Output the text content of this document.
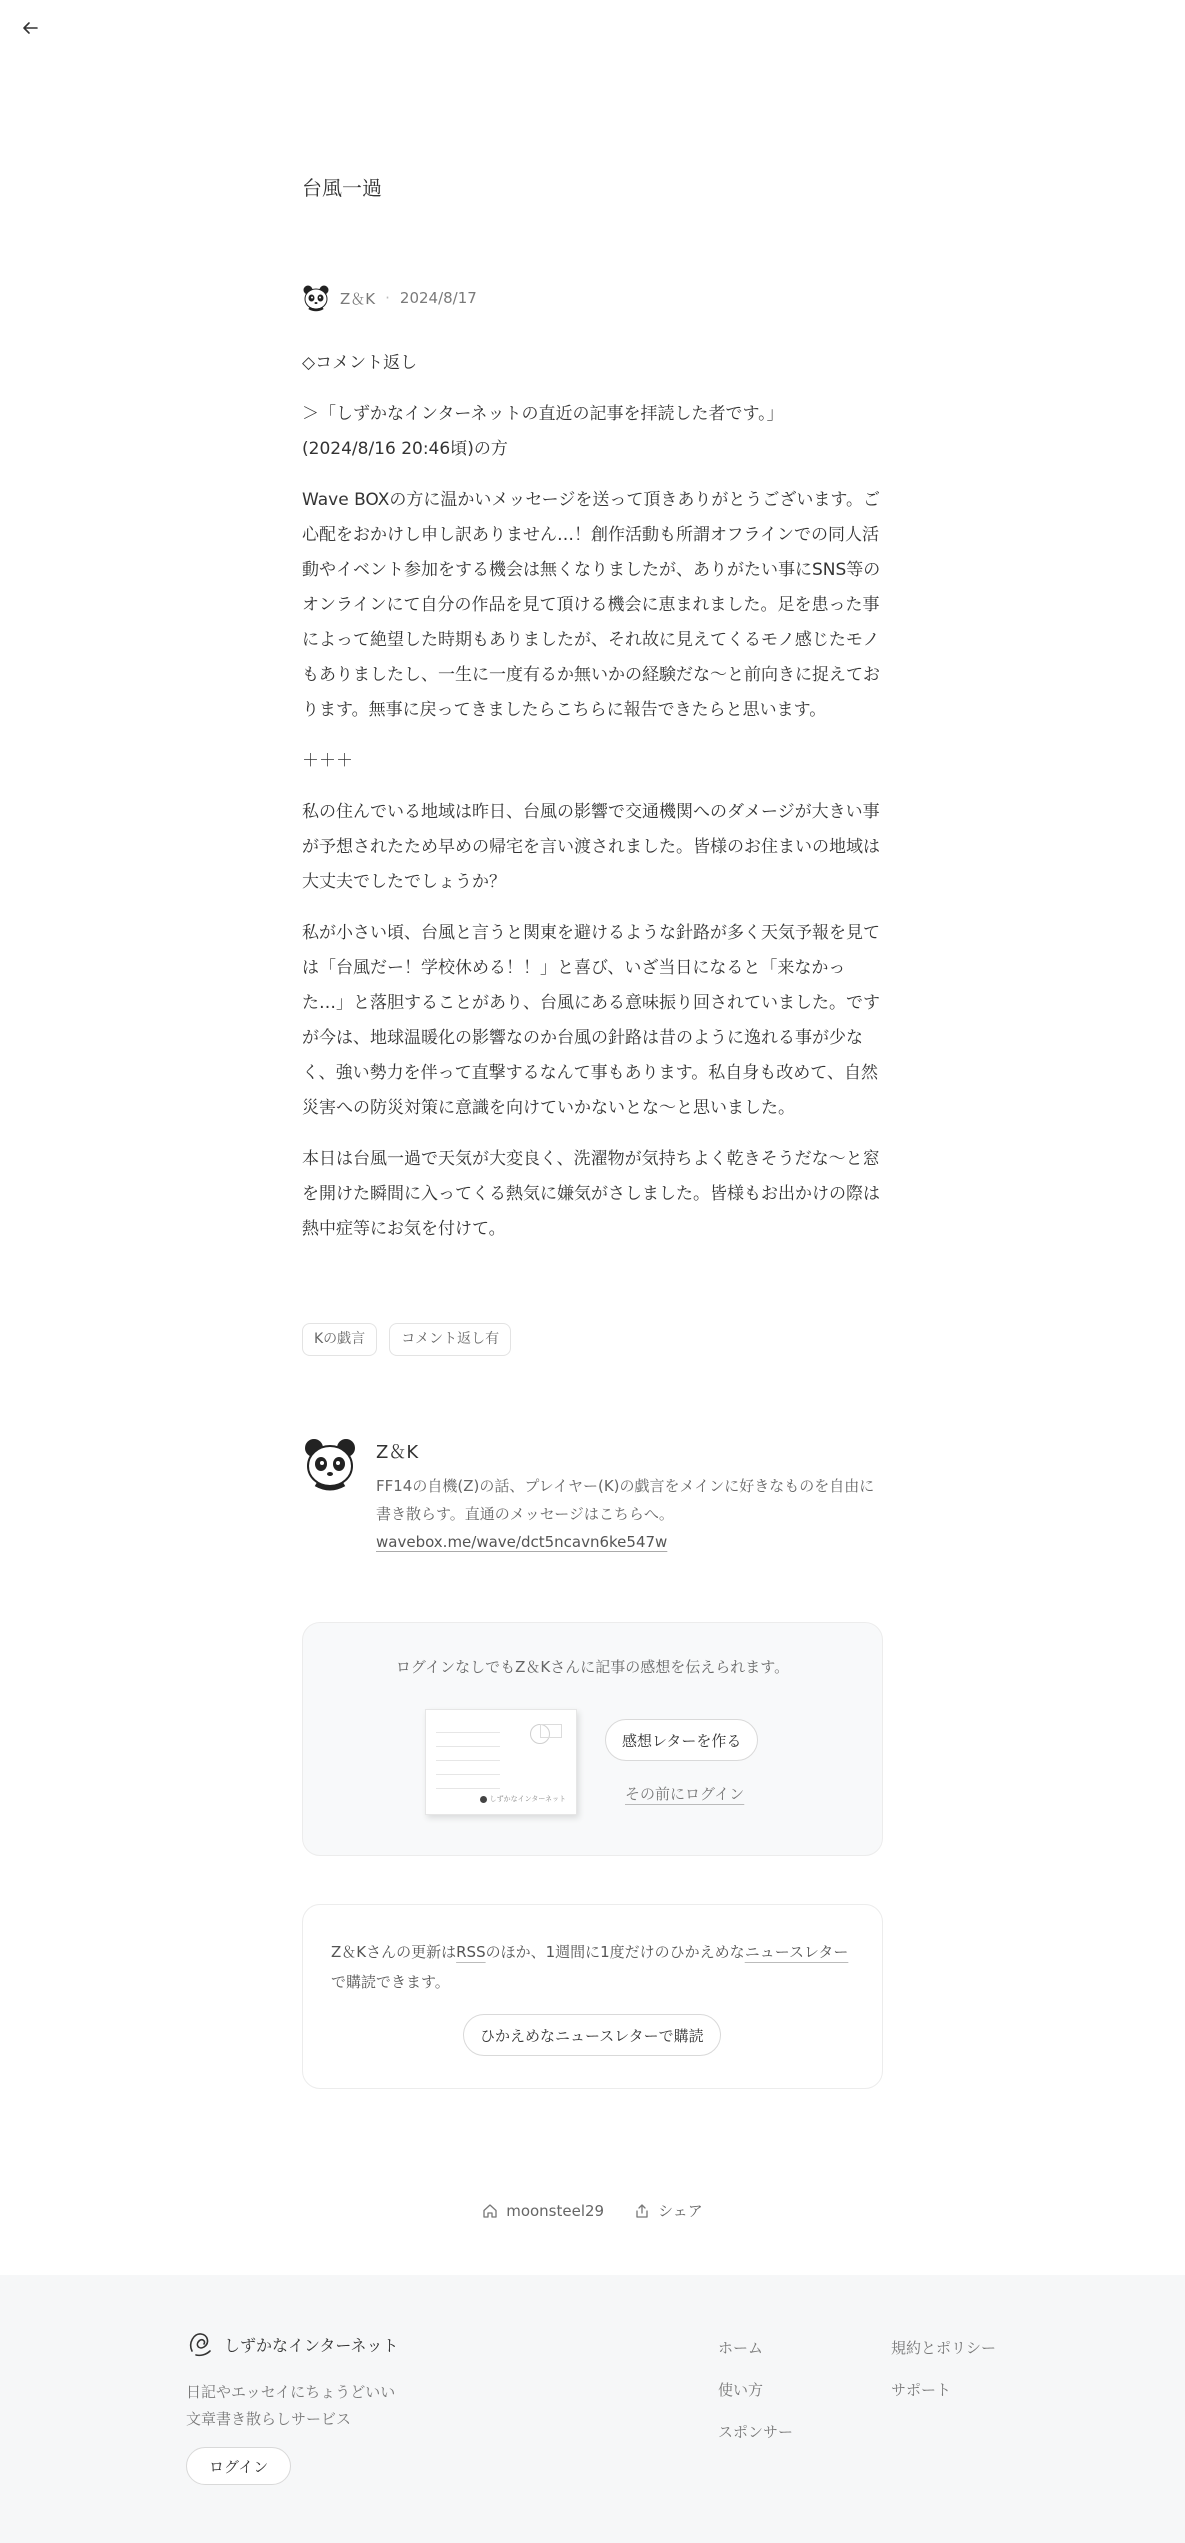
台風一過
Z＆K · 2024/8/17

◇コメント返し

＞「しずかなインターネットの直近の記事を拝読した者です。」
(2024/8/16 20:46頃)の方

Wave BOXの方に温かいメッセージを送って頂きありがとうございます。ご心配をおかけし申し訳ありません…！創作活動も所謂オフラインでの同人活動やイベント参加をする機会は無くなりましたが、ありがたい事にSNS等のオンラインにて自分の作品を見て頂ける機会に恵まれました。足を患った事によって絶望した時期もありましたが、それ故に見えてくるモノ感じたモノもありましたし、一生に一度有るか無いかの経験だな〜と前向きに捉えております。無事に戻ってきましたらこちらに報告できたらと思います。

＋＋＋

私の住んでいる地域は昨日、台風の影響で交通機関へのダメージが大きい事が予想されたため早めの帰宅を言い渡されました。皆様のお住まいの地域は大丈夫でしたでしょうか？

私が小さい頃、台風と言うと関東を避けるような針路が多く天気予報を見ては「台風だー！学校休める！！」と喜び、いざ当日になると「来なかった…」と落胆することがあり、台風にある意味振り回されていました。ですが今は、地球温暖化の影響なのか台風の針路は昔のように逸れる事が少なく、強い勢力を伴って直撃するなんて事もあります。私自身も改めて、自然災害への防災対策に意識を向けていかないとな〜と思いました。

本日は台風一過で天気が大変良く、洗濯物が気持ちよく乾きそうだな〜と窓を開けた瞬間に入ってくる熱気に嫌気がさしました。皆様もお出かけの際は熱中症等にお気を付けて。

Kの戯言	コメント返し有
Z＆K
FF14の自機(Z)の話、プレイヤー(K)の戯言をメインに好きなものを自由に書き散らす。直通のメッセージはこちらへ。
wavebox.me/wave/dct5ncavn6ke547w
ログインなしでもZ＆Kさんに記事の感想を伝えられます。
しずかなインターネット
感想レターを作る
その前にログイン
Z＆Kさんの更新はRSSのほか、1週間に1度だけのひかえめなニュースレターで購読できます。
ひかえめなニュースレターで購読
moonsteel29	シェア
しずかなインターネット
日記やエッセイにちょうどいい
文章書き散らしサービス
ログイン
ホーム
使い方
スポンサー
規約とポリシー
サポート
